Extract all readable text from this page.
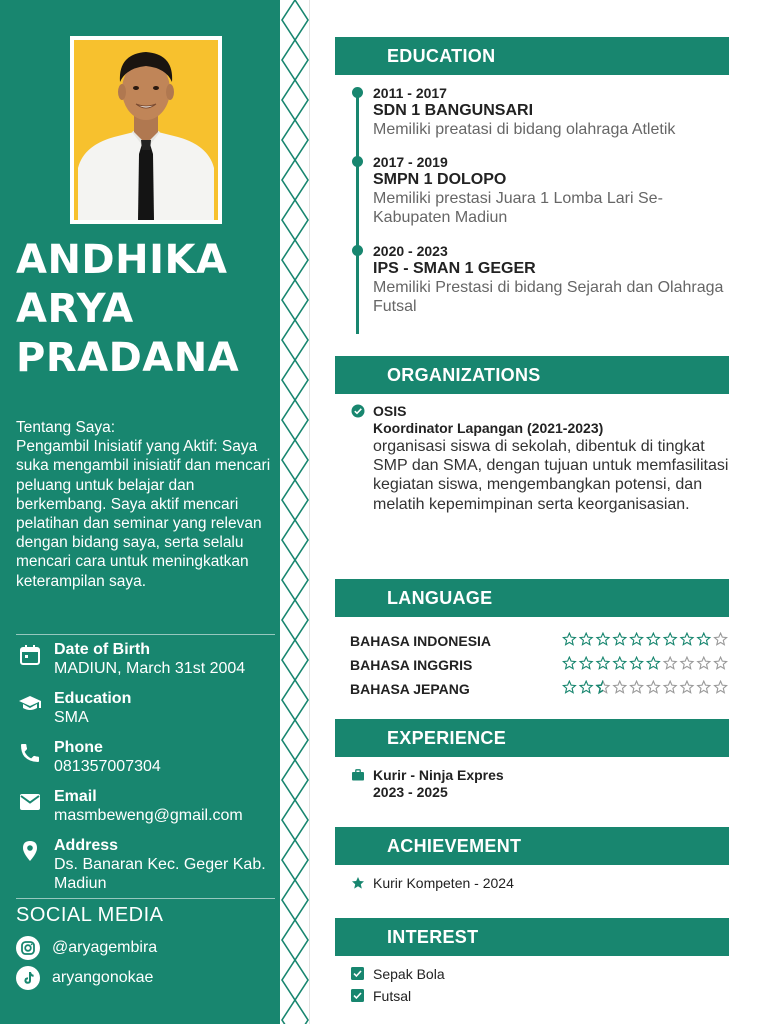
ANDHIKA
ARYA
PRADANA
Tentang Saya:
Pengambil Inisiatif yang Aktif: Saya suka mengambil inisiatif dan mencari peluang untuk belajar dan berkembang. Saya aktif mencari pelatihan dan seminar yang relevan dengan bidang saya, serta selalu mencari cara untuk meningkatkan keterampilan saya.
Date of Birth
MADIUN, March 31st 2004
Education
SMA
Phone
081357007304
Email
masmbeweng@gmail.com
Address
Ds. Banaran Kec. Geger Kab. Madiun
SOCIAL MEDIA
@aryagembira
aryangonokae
EDUCATION
2011 - 2017
SDN 1 BANGUNSARI
Memiliki preatasi di bidang olahraga Atletik
2017 - 2019
SMPN 1 DOLOPO
Memiliki prestasi Juara 1 Lomba Lari Se-Kabupaten Madiun
2020 - 2023
IPS - SMAN 1 GEGER
Memiliki Prestasi di bidang Sejarah dan Olahraga Futsal
ORGANIZATIONS
OSIS
Koordinator Lapangan (2021-2023)
organisasi siswa di sekolah, dibentuk di tingkat SMP dan SMA, dengan tujuan untuk memfasilitasi kegiatan siswa, mengembangkan potensi, dan melatih kepemimpinan serta keorganisasian.
LANGUAGE
BAHASA INDONESIA
BAHASA INGGRIS
BAHASA JEPANG
EXPERIENCE
Kurir - Ninja Expres
2023 - 2025
ACHIEVEMENT
Kurir Kompeten - 2024
INTEREST
Sepak Bola
Futsal
